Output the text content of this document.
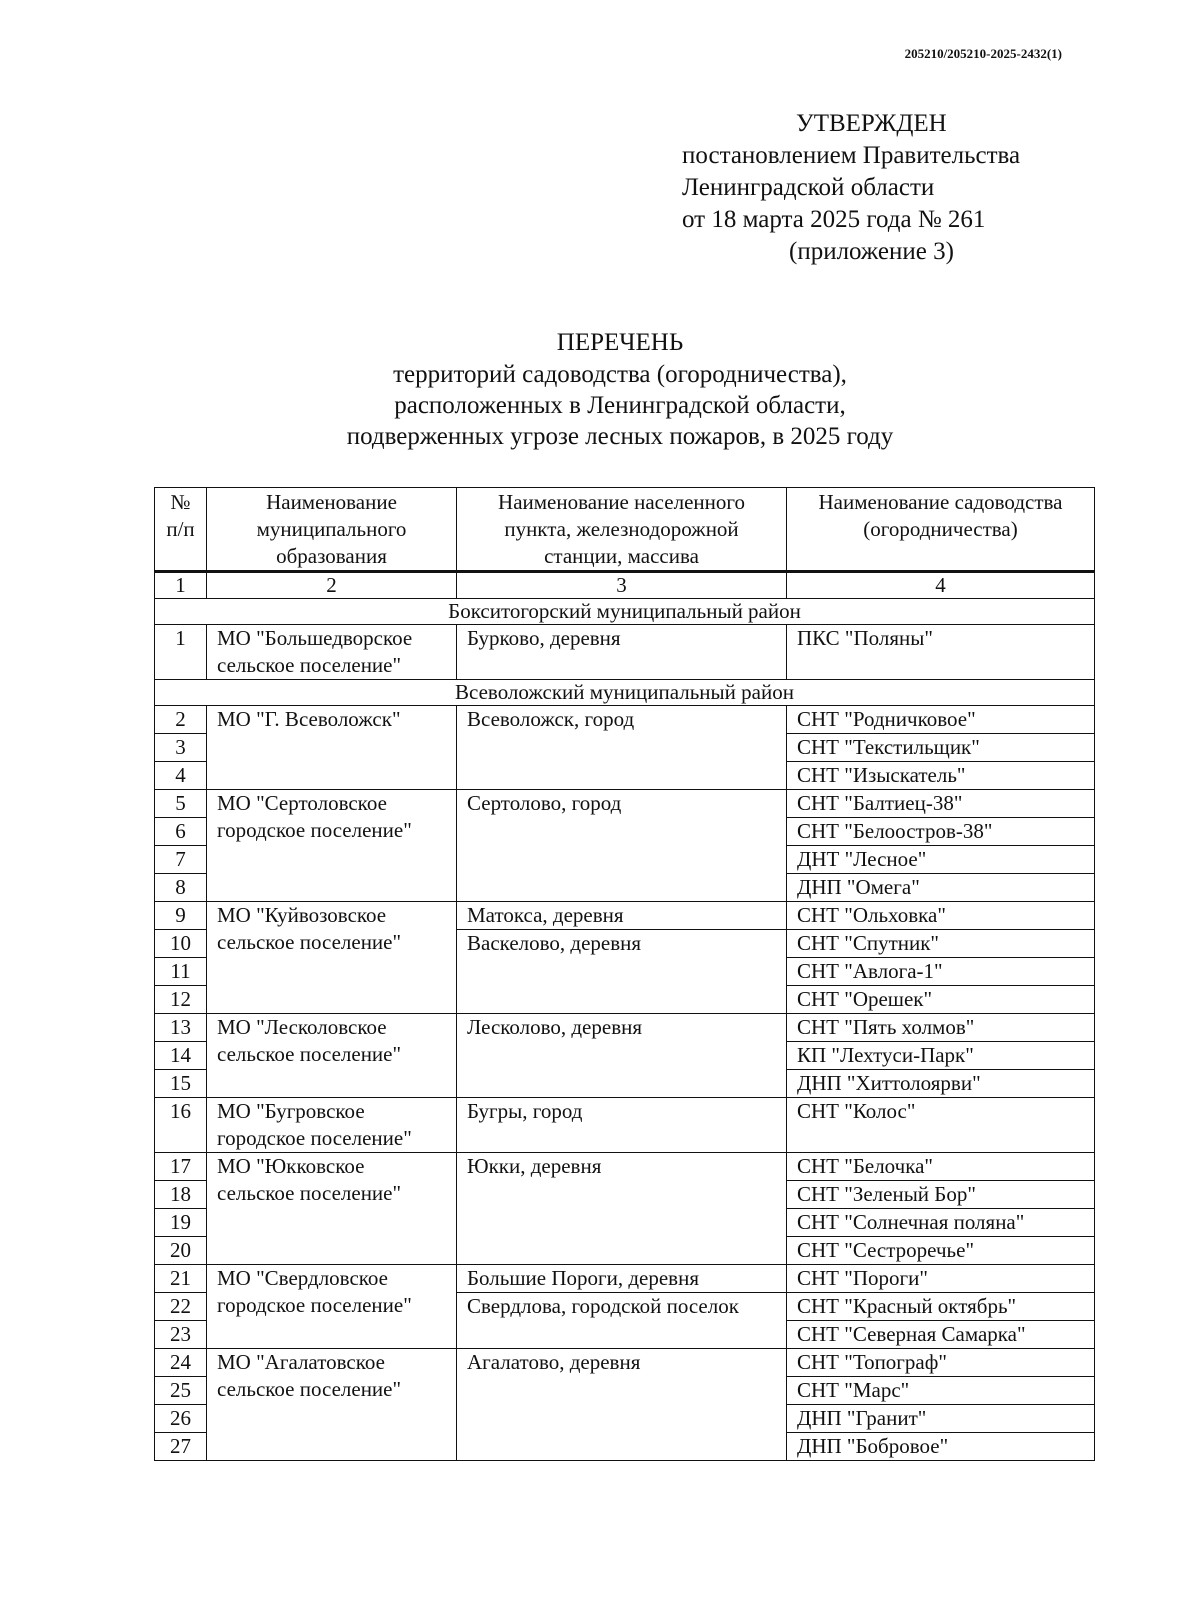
205210/205210-2025-2432(1)
УТВЕРЖДЕН
постановлением Правительства
Ленинградской области
от 18 марта 2025 года № 261
(приложение 3)
ПЕРЕЧЕНЬ
территорий садоводства (огородничества),
расположенных в Ленинградской области,
подверженных угрозе лесных пожаров, в 2025 году
№ п/п	Наименование муниципального образования	Наименование населенного пункта, железнодорожной станции, массива	Наименование садоводства (огородничества)
1	2	3	4
Бокситогорский муниципальный район			
1	МО "Большедворское сельское поселение"	Бурково, деревня	ПКС "Поляны"
Всеволожский муниципальный район			
2	МО "Г. Всеволожск"	Всеволожск, город	СНТ "Родничковое"
3			СНТ "Текстильщик"
4			СНТ "Изыскатель"
5	МО "Сертоловское городское поселение"	Сертолово, город	СНТ "Балтиец-38"
6			СНТ "Белоостров-38"
7			ДНТ "Лесное"
8			ДНП "Омега"
9	МО "Куйвозовское сельское поселение"	Матокса, деревня	СНТ "Ольховка"
10		Васкелово, деревня	СНТ "Спутник"
11			СНТ "Авлога-1"
12			СНТ "Орешек"
13	МО "Лесколовское сельское поселение"	Лесколово, деревня	СНТ "Пять холмов"
14			КП "Лехтуси-Парк"
15			ДНП "Хиттолоярви"
16	МО "Бугровское городское поселение"	Бугры, город	СНТ "Колос"
17	МО "Юкковское сельское поселение"	Юкки, деревня	СНТ "Белочка"
18			СНТ "Зеленый Бор"
19			СНТ "Солнечная поляна"
20			СНТ "Сестроречье"
21	МО "Свердловское городское поселение"	Большие Пороги, деревня	СНТ "Пороги"
22		Свердлова, городской поселок	СНТ "Красный октябрь"
23			СНТ "Северная Самарка"
24	МО "Агалатовское сельское поселение"	Агалатово, деревня	СНТ "Топограф"
25			СНТ "Марс"
26			ДНП "Гранит"
27			ДНП "Бобровое"
